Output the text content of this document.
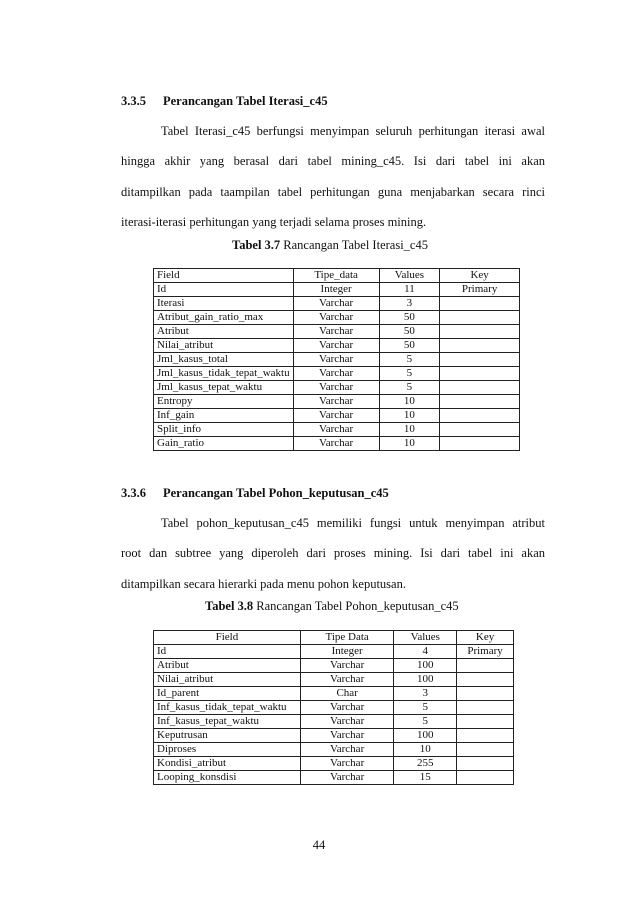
3.3.5 Perancangan Tabel Iterasi_c45
Tabel Iterasi_c45 berfungsi menyimpan seluruh perhitungan iterasi awal
hingga akhir yang berasal dari tabel mining_c45. Isi dari tabel ini akan
ditampilkan pada taampilan tabel perhitungan guna menjabarkan secara rinci
iterasi-iterasi perhitungan yang terjadi selama proses mining.
Tabel 3.7 Rancangan Tabel Iterasi_c45
Field	Tipe_data	Values	Key
Id	Integer	11	Primary
Iterasi	Varchar	3	
Atribut_gain_ratio_max	Varchar	50	
Atribut	Varchar	50	
Nilai_atribut	Varchar	50	
Jml_kasus_total	Varchar	5	
Jml_kasus_tidak_tepat_waktu	Varchar	5	
Jml_kasus_tepat_waktu	Varchar	5	
Entropy	Varchar	10	
Inf_gain	Varchar	10	
Split_info	Varchar	10	
Gain_ratio	Varchar	10	
3.3.6 Perancangan Tabel Pohon_keputusan_c45
Tabel pohon_keputusan_c45 memiliki fungsi untuk menyimpan atribut
root dan subtree yang diperoleh dari proses mining. Isi dari tabel ini akan
ditampilkan secara hierarki pada menu pohon keputusan.
Tabel 3.8 Rancangan Tabel Pohon_keputusan_c45
Field	Tipe Data	Values	Key
Id	Integer	4	Primary
Atribut	Varchar	100	
Nilai_atribut	Varchar	100	
Id_parent	Char	3	
Inf_kasus_tidak_tepat_waktu	Varchar	5	
Inf_kasus_tepat_waktu	Varchar	5	
Keputrusan	Varchar	100	
Diproses	Varchar	10	
Kondisi_atribut	Varchar	255	
Looping_konsdisi	Varchar	15	
44
